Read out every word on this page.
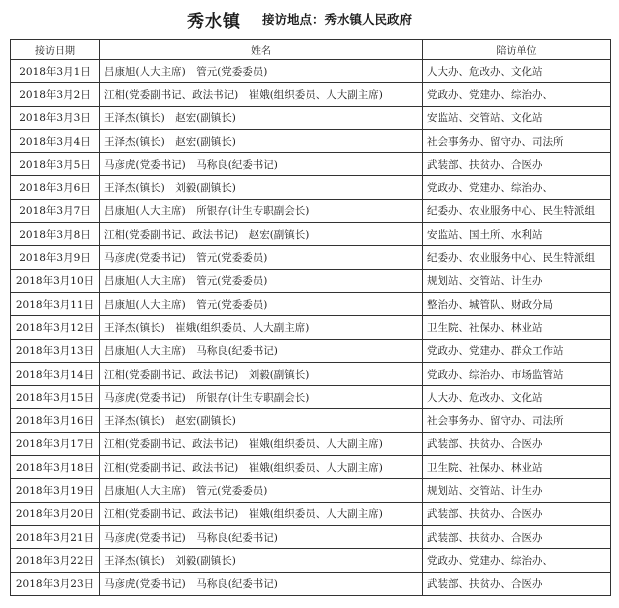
秀水镇 接访地点：秀水镇人民政府
接访日期	姓名	陪访单位
2018年3月1日	吕康旭(人大主席)　管元(党委委员)	人大办、危改办、文化站
2018年3月2日	江相(党委副书记、政法书记)　崔娥(组织委员、人大副主席)	党政办、党建办、综治办、
2018年3月3日	王泽杰(镇长)　赵宏(副镇长)	安监站、交管站、文化站
2018年3月4日	王泽杰(镇长)　赵宏(副镇长)	社会事务办、留守办、司法所
2018年3月5日	马彦虎(党委书记)　马称良(纪委书记)	武装部、扶贫办、合医办
2018年3月6日	王泽杰(镇长)　刘毅(副镇长)	党政办、党建办、综治办、
2018年3月7日	吕康旭(人大主席)　所银存(计生专职副会长)	纪委办、农业服务中心、民生特派组
2018年3月8日	江相(党委副书记、政法书记)　赵宏(副镇长)	安监站、国土所、水利站
2018年3月9日	马彦虎(党委书记)　管元(党委委员)	纪委办、农业服务中心、民生特派组
2018年3月10日	吕康旭(人大主席)　管元(党委委员)	规划站、交管站、计生办
2018年3月11日	吕康旭(人大主席)　管元(党委委员)	整治办、城管队、财政分局
2018年3月12日	王泽杰(镇长)　崔娥(组织委员、人大副主席)	卫生院、社保办、林业站
2018年3月13日	吕康旭(人大主席)　马称良(纪委书记)	党政办、党建办、群众工作站
2018年3月14日	江相(党委副书记、政法书记)　刘毅(副镇长)	党政办、综治办、市场监管站
2018年3月15日	马彦虎(党委书记)　所银存(计生专职副会长)	人大办、危改办、文化站
2018年3月16日	王泽杰(镇长)　赵宏(副镇长)	社会事务办、留守办、司法所
2018年3月17日	江相(党委副书记、政法书记)　崔娥(组织委员、人大副主席)	武装部、扶贫办、合医办
2018年3月18日	江相(党委副书记、政法书记)　崔娥(组织委员、人大副主席)	卫生院、社保办、林业站
2018年3月19日	吕康旭(人大主席)　管元(党委委员)	规划站、交管站、计生办
2018年3月20日	江相(党委副书记、政法书记)　崔娥(组织委员、人大副主席)	武装部、扶贫办、合医办
2018年3月21日	马彦虎(党委书记)　马称良(纪委书记)	武装部、扶贫办、合医办
2018年3月22日	王泽杰(镇长)　刘毅(副镇长)	党政办、党建办、综治办、
2018年3月23日	马彦虎(党委书记)　马称良(纪委书记)	武装部、扶贫办、合医办
